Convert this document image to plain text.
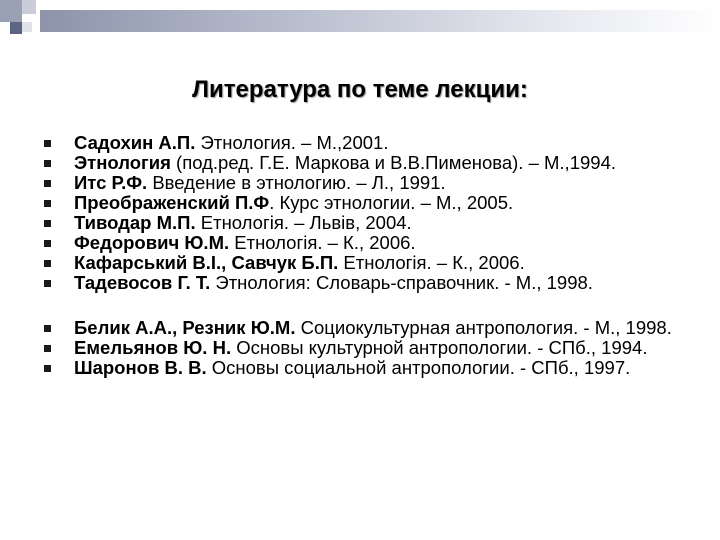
Литература по теме лекции:
Садохин А.П. Этнология. – М.,2001.
Этнология (под.ред. Г.Е. Маркова и В.В.Пименова). – М.,1994.
Итс Р.Ф. Введение в этнологию. – Л., 1991.
Преображенский П.Ф. Курс этнологии. – М., 2005.
Тиводар М.П. Етнологія. – Львів, 2004.
Федорович Ю.М. Етнологія. – К., 2006.
Кафарський В.І., Савчук Б.П. Етнологія. – К., 2006.
Тадевосов Г. Т. Этнология: Словарь-справочник. - М., 1998.
Белик А.А., Резник Ю.М. Социокультурная антропология. - М., 1998.
Емельянов Ю. Н. Основы культурной антропологии. - СПб., 1994.
Шаронов В. В. Основы социальной антропологии. - СПб., 1997.
